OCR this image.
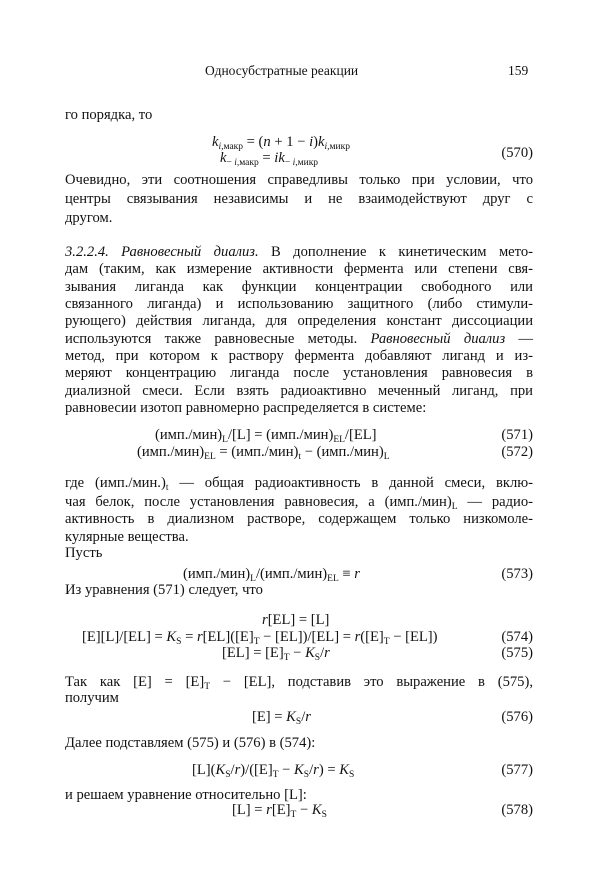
Односубстратные реакции	159
го порядка, то
Очевидно, эти соотношения справедливы только при условии, что
центры связывания независимы и не взаимодействуют друг с
другом.
3.2.2.4. Равновесный диализ. В дополнение к кинетическим мето-
дам (таким, как измерение активности фермента или степени свя-
зывания лиганда как функции концентрации свободного или
связанного лиганда) и использованию защитного (либо стимули-
рующего) действия лиганда, для определения констант диссоциации
используются также равновесные методы. Равновесный диализ —
метод, при котором к раствору фермента добавляют лиганд и из-
меряют концентрацию лиганда после установления равновесия в
диализной смеси. Если взять радиоактивно меченный лиганд, при
равновесии изотоп равномерно распределяется в системе:
где $(имп./мин.)_t$ — общая радиоактивность в данной смеси, вклю-
чая белок, после установления равновесия, а $(имп./мин)_L$ — радио-
активность в диализном растворе, содержащем только низкомоле-
кулярные вещества.
Пусть
Из уравнения (571) следует, что
Так как $[E] = [E]_T - [EL]$, подставив это выражение в (575),
получим
Далее подставляем (575) и (576) в (574):
и решаем уравнение относительно [L]:
$k_{i,макр} = (n + 1 - i)k_{i,микр}$
$k_-$ $_{i,макр} = ik_-$ $_{i,микр}$
(570)
$(имп./мин)_L/[L] = (имп./мин)_{EL}/[EL]$	(571)
$(имп./мин)_{EL} = (имп./мин)_t - (имп./мин)_L$	(572)
$(имп./мин)_L/(имп./мин)_{EL} \equiv r$	(573)
r[EL] = [L]
$[E][L]/[EL] = K_S = r[EL]([E]_T - [EL])/[EL] = r([E]_T - [EL])$	(574)
$[EL] = [E]_T - K_S/r$	(575)
$[E] = K_S/r$	(576)
$[L](K_S/r)/([E]_T - K_S/r) = K_S$	(577)
$[L] = r[E]_T - K_S$	(578)
